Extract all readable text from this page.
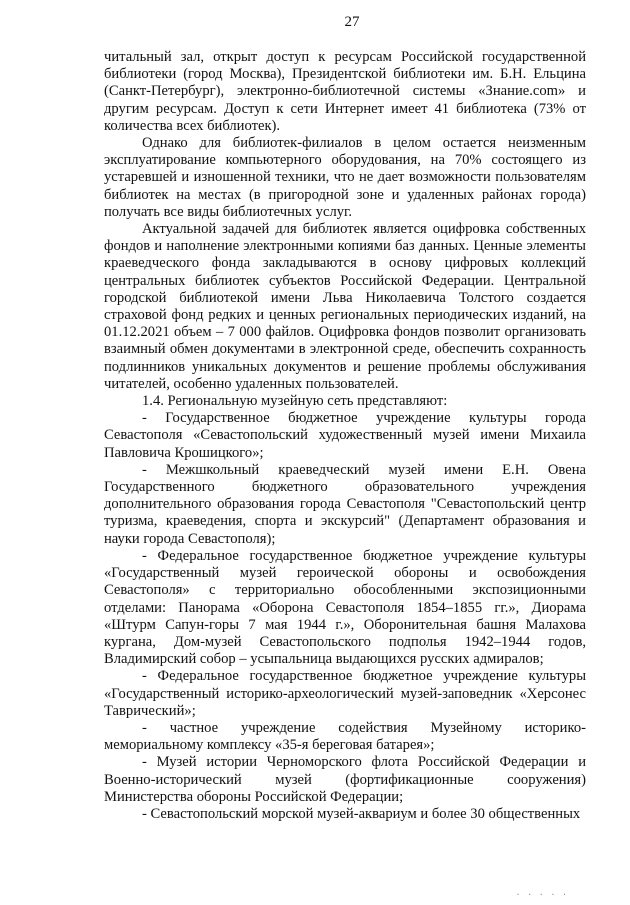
27

читальный зал, открыт доступ к ресурсам Российской государственной библиотеки (город Москва), Президентской библиотеки им. Б.Н. Ельцина (Санкт-Петербург), электронно-библиотечной системы «Знание.com» и другим ресурсам. Доступ к сети Интернет имеет 41 библиотека (73% от количества всех библиотек).

Однако для библиотек-филиалов в целом остается неизменным эксплуатирование компьютерного оборудования, на 70% состоящего из устаревшей и изношенной техники, что не дает возможности пользователям библиотек на местах (в пригородной зоне и удаленных районах города) получать все виды библиотечных услуг.

Актуальной задачей для библиотек является оцифровка собственных фондов и наполнение электронными копиями баз данных. Ценные элементы краеведческого фонда закладываются в основу цифровых коллекций центральных библиотек субъектов Российской Федерации. Центральной городской библиотекой имени Льва Николаевича Толстого создается страховой фонд редких и ценных региональных периодических изданий, на 01.12.2021 объем – 7 000 файлов. Оцифровка фондов позволит организовать взаимный обмен документами в электронной среде, обеспечить сохранность подлинников уникальных документов и решение проблемы обслуживания читателей, особенно удаленных пользователей.

1.4. Региональную музейную сеть представляют:

- Государственное бюджетное учреждение культуры города Севастополя «Севастопольский художественный музей имени Михаила Павловича Крошицкого»;

- Межшкольный краеведческий музей имени Е.Н. Овена Государственного бюджетного образовательного учреждения дополнительного образования города Севастополя "Севастопольский центр туризма, краеведения, спорта и экскурсий" (Департамент образования и науки города Севастополя);

- Федеральное государственное бюджетное учреждение культуры «Государственный музей героической обороны и освобождения Севастополя» с территориально обособленными экспозиционными отделами: Панорама «Оборона Севастополя 1854–1855 гг.», Диорама «Штурм Сапун-горы 7 мая 1944 г.», Оборонительная башня Малахова кургана, Дом-музей Севастопольского подполья 1942–1944 годов, Владимирский собор – усыпальница выдающихся русских адмиралов;

- Федеральное государственное бюджетное учреждение культуры «Государственный историко-археологический музей-заповедник «Херсонес Таврический»;

- частное учреждение содействия Музейному историко-мемориальному комплексу «35-я береговая батарея»;

- Музей истории Черноморского флота Российской Федерации и Военно-исторический музей (фортификационные сооружения) Министерства обороны Российской Федерации;

- Севастопольский морской музей-аквариум и более 30 общественных

· · · · ·
